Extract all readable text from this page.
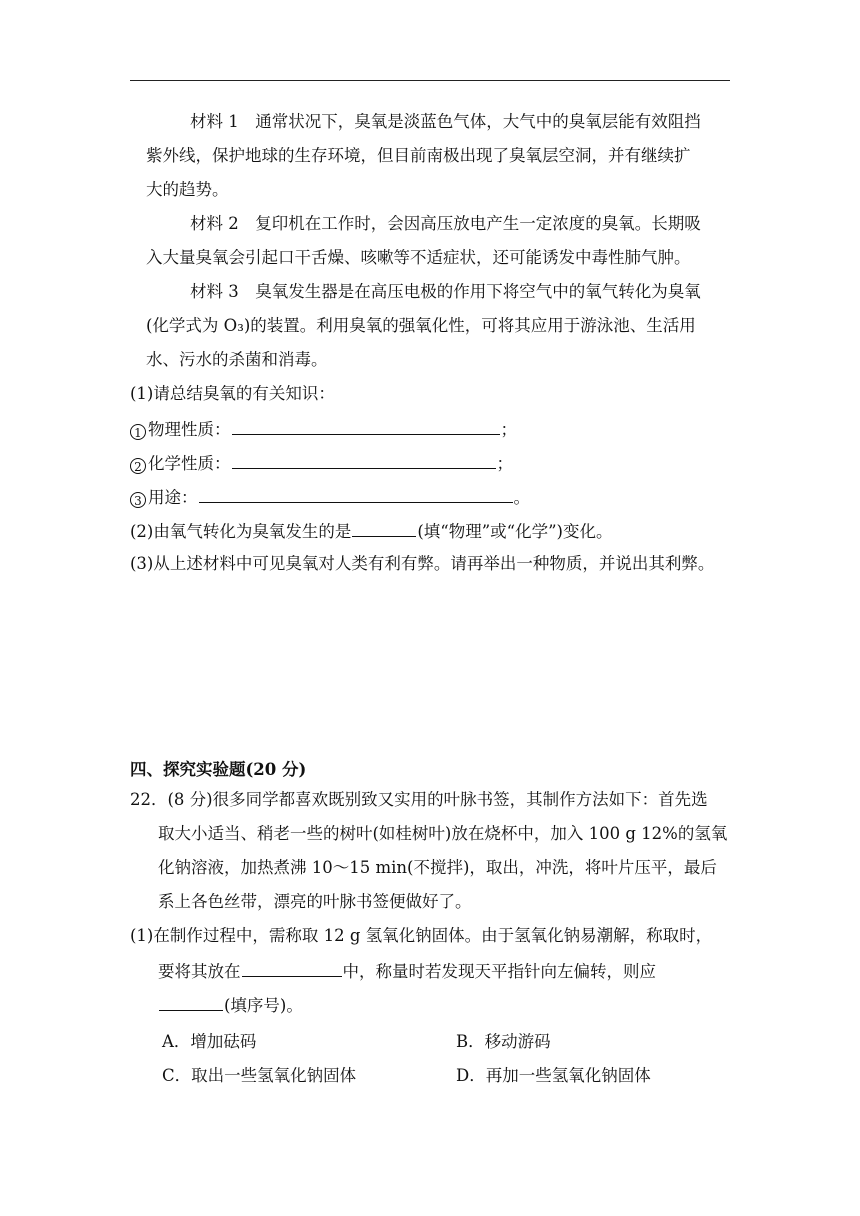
材料 1　通常状况下，臭氧是淡蓝色气体，大气中的臭氧层能有效阻挡
紫外线，保护地球的生存环境，但目前南极出现了臭氧层空洞，并有继续扩
大的趋势。
材料 2　复印机在工作时，会因高压放电产生一定浓度的臭氧。长期吸
入大量臭氧会引起口干舌燥、咳嗽等不适症状，还可能诱发中毒性肺气肿。
材料 3　臭氧发生器是在高压电极的作用下将空气中的氧气转化为臭氧
(化学式为 O₃)的装置。利用臭氧的强氧化性，可将其应用于游泳池、生活用
水、污水的杀菌和消毒。
(1)请总结臭氧的有关知识：
1 物理性质：	；
2 化学性质：	；
3 用途：	。
(2)由氧气转化为臭氧发生的是	(填“物理”或“化学”)变化。
(3)从上述材料中可见臭氧对人类有利有弊。请再举出一种物质，并说出其利弊。
四、探究实验题(20 分)
22．(8 分)很多同学都喜欢既别致又实用的叶脉书签，其制作方法如下：首先选
取大小适当、稍老一些的树叶(如桂树叶)放在烧杯中，加入 100 g 12%的氢氧
化钠溶液，加热煮沸 10～15 min(不搅拌)，取出，冲洗，将叶片压平，最后
系上各色丝带，漂亮的叶脉书签便做好了。
(1)在制作过程中，需称取 12 g 氢氧化钠固体。由于氢氧化钠易潮解，称取时，
要将其放在	中，称量时若发现天平指针向左偏转，则应
(填序号)。
A．增加砝码	B．移动游码
C．取出一些氢氧化钠固体	D．再加一些氢氧化钠固体
